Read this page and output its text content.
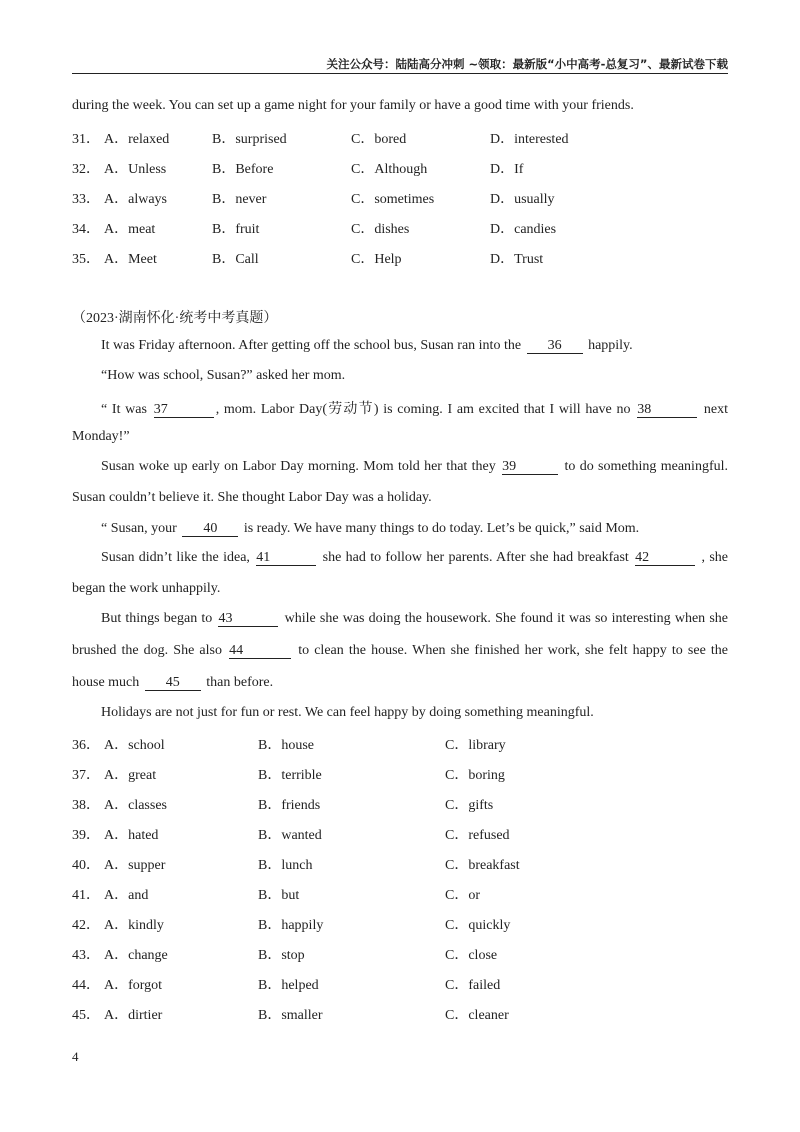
关注公众号：陆陆高分冲刺 ~领取：最新版“小中高考-总复习”、最新试卷下载
during the week. You can set up a game night for your family or have a good time with your friends.
31． A．relaxed	B．surprised	C．bored	D．interested
32． A．Unless	B．Before	C．Although	D．If
33． A．always	B．never	C．sometimes	D．usually
34． A．meat	B．fruit	C．dishes	D．candies
35． A．Meet	B．Call	C．Help	D．Trust
（2023·湖南怀化·统考中考真题）
It was Friday afternoon. After getting off the school bus, Susan ran into the 36 happily.
“How was school, Susan?” asked her mom.
“ It was 37	, mom. Labor Day(劳动节) is coming. I am excited that I will have no 38	next
Monday!”
Susan woke up early on Labor Day morning. Mom told her that they 39	to do something meaningful.
Susan couldn’t believe it. She thought Labor Day was a holiday.
“ Susan, your 40 is ready. We have many things to do today. Let’s be quick,” said Mom.
Susan didn’t like the idea, 41	she had to follow her parents. After she had breakfast 42	, she
began the work unhappily.
But things began to 43	while she was doing the housework. She found it was so interesting when she
brushed the dog. She also 44	to clean the house. When she finished her work, she felt happy to see the
house much 45 than before.
Holidays are not just for fun or rest. We can feel happy by doing something meaningful.
36． A．school	B．house	C．library
37． A．great	B．terrible	C．boring
38． A．classes	B．friends	C．gifts
39． A．hated	B．wanted	C．refused
40． A．supper	B．lunch	C．breakfast
41． A．and	B．but	C．or
42． A．kindly	B．happily	C．quickly
43． A．change	B．stop	C．close
44． A．forgot	B．helped	C．failed
45． A．dirtier	B．smaller	C．cleaner
4
